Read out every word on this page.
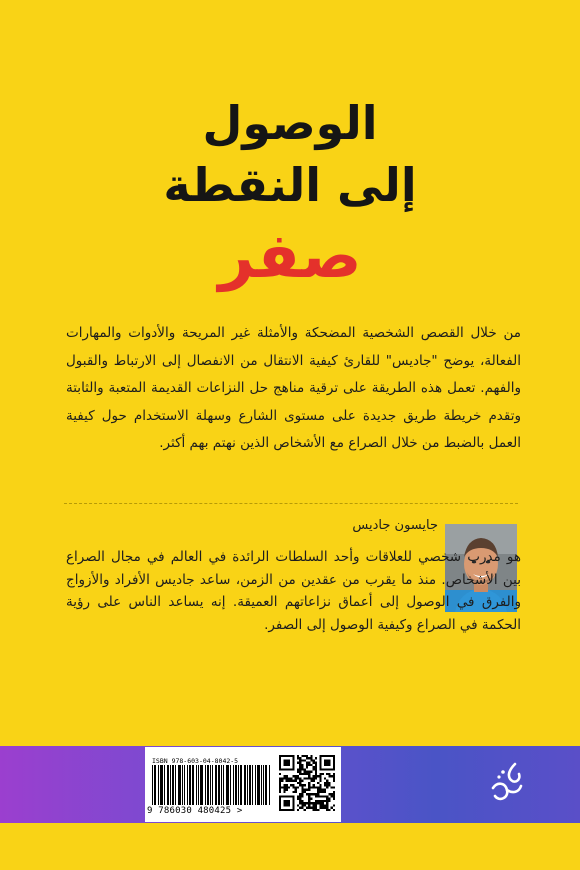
الوصول
إلى النقطة
صفر
من خلال القصص الشخصية المضحكة والأمثلة غير المريحة والأدوات والمهارات الفعالة، يوضح "جاديس" للقارئ كيفية الانتقال من الانفصال إلى الارتباط والقبول والفهم. تعمل هذه الطريقة على ترقية مناهج حل النزاعات القديمة المتعبة والثابتة وتقدم خريطة طريق جديدة على مستوى الشارع وسهلة الاستخدام حول كيفية العمل بالضبط من خلال الصراع مع الأشخاص الذين نهتم بهم أكثر.
جايسون جاديس
هو مدرب شخصي للعلاقات وأحد السلطات الرائدة في العالم في مجال الصراع بين الأشخاص. منذ ما يقرب من عقدين من الزمن، ساعد جاديس الأفراد والأزواج والفرق في الوصول إلى أعماق نزاعاتهم العميقة. إنه يساعد الناس على رؤية الحكمة في الصراع وكيفية الوصول إلى الصفر.
ISBN 978-603-04-8042-5
9 786030 480425 >
